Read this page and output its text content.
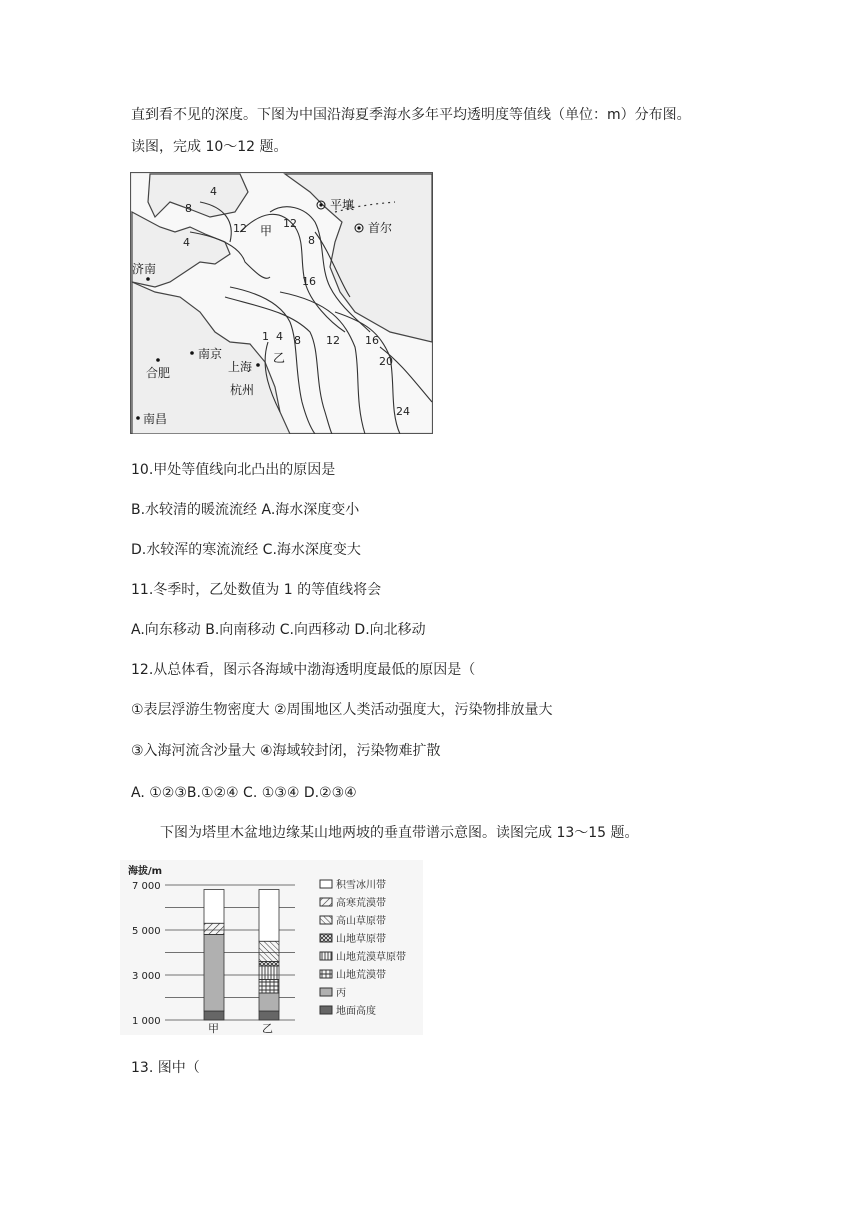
直到看不见的深度。下图为中国沿海夏季海水多年平均透明度等值线（单位：m）分布图。
读图，完成 10～12 题。
4
8
12
4
12
8
16
1 4 8 12 16
20
24
平壤
首尔
济南
南京
合肥	上海
杭州
南昌
甲
乙
10.甲处等值线向北凸出的原因是
B.水较清的暖流流经 A.海水深度变小
D.水较浑的寒流流经 C.海水深度变大
11.冬季时，乙处数值为 1 的等值线将会
A.向东移动 B.向南移动 C.向西移动 D.向北移动
12.从总体看，图示各海域中渤海透明度最低的原因是（
①表层浮游生物密度大 ②周围地区人类活动强度大，污染物排放量大
③入海河流含沙量大 ④海域较封闭，污染物难扩散
A. ①②③B.①②④ C. ①③④ D.②③④
下图为塔里木盆地边缘某山地两坡的垂直带谱示意图。读图完成 13～15 题。
海拔/m
7 000
5 000
3 000
1 000
甲	乙
积雪冰川带
高寒荒漠带
高山草原带
山地草原带
山地荒漠草原带
山地荒漠带
丙
地面高度
13. 图中（
